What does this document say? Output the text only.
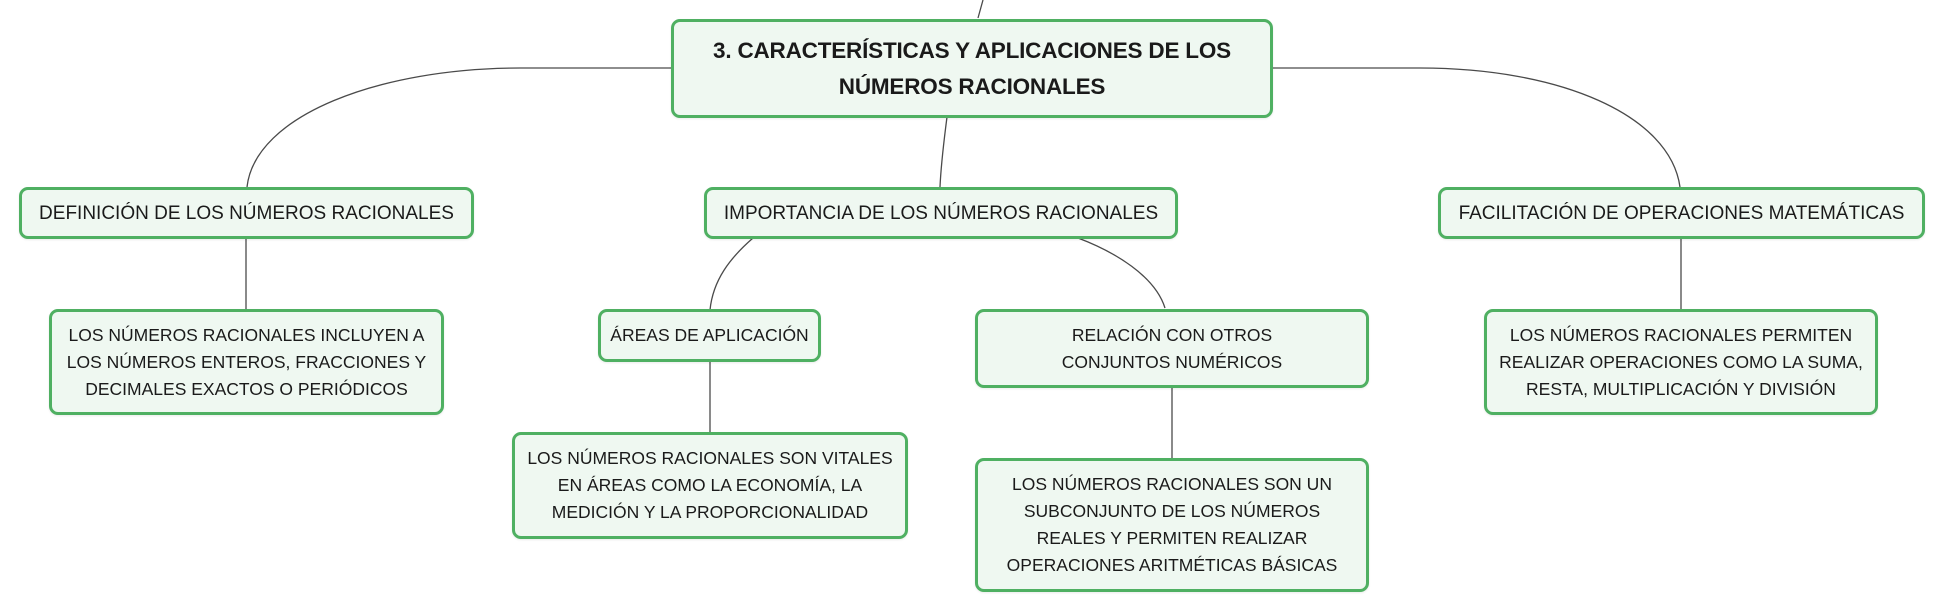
3. CARACTERÍSTICAS Y APLICACIONES DE LOS NÚMEROS RACIONALES
DEFINICIÓN DE LOS NÚMEROS RACIONALES	IMPORTANCIA DE LOS NÚMEROS RACIONALES	FACILITACIÓN DE OPERACIONES MATEMÁTICAS
LOS NÚMEROS RACIONALES INCLUYEN A LOS NÚMEROS ENTEROS, FRACCIONES Y DECIMALES EXACTOS O PERIÓDICOS
ÁREAS DE APLICACIÓN	RELACIÓN CON OTROS CONJUNTOS NUMÉRICOS
LOS NÚMEROS RACIONALES SON VITALES EN ÁREAS COMO LA ECONOMÍA, LA MEDICIÓN Y LA PROPORCIONALIDAD
LOS NÚMEROS RACIONALES SON UN SUBCONJUNTO DE LOS NÚMEROS REALES Y PERMITEN REALIZAR OPERACIONES ARITMÉTICAS BÁSICAS
LOS NÚMEROS RACIONALES PERMITEN REALIZAR OPERACIONES COMO LA SUMA, RESTA, MULTIPLICACIÓN Y DIVISIÓN
